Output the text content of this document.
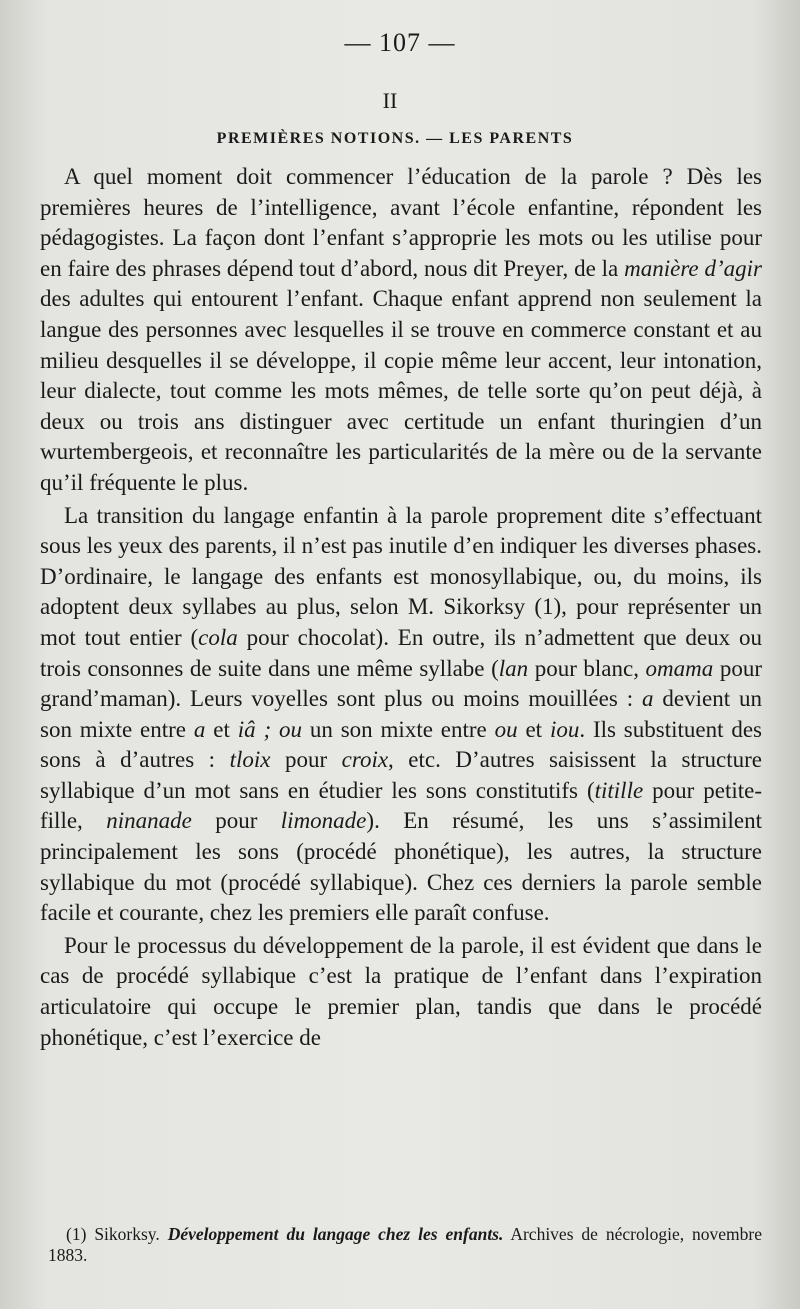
— 107 —
II
PREMIÈRES NOTIONS. — LES PARENTS

A quel moment doit commencer l’éducation de la parole ? Dès les premières heures de l’intelligence, avant l’école enfantine, répondent les pédagogistes. La façon dont l’enfant s’approprie les mots ou les utilise pour en faire des phrases dépend tout d’abord, nous dit Preyer, de la manière d’agir des adultes qui entourent l’enfant. Chaque enfant apprend non seulement la langue des personnes avec lesquelles il se trouve en commerce constant et au milieu desquelles il se développe, il copie même leur accent, leur intonation, leur dialecte, tout comme les mots mêmes, de telle sorte qu’on peut déjà, à deux ou trois ans distinguer avec certitude un enfant thuringien d’un wurtembergeois, et reconnaître les particularités de la mère ou de la servante qu’il fréquente le plus.

La transition du langage enfantin à la parole proprement dite s’effectuant sous les yeux des parents, il n’est pas inutile d’en indiquer les diverses phases. D’ordinaire, le langage des enfants est monosyllabique, ou, du moins, ils adoptent deux syllabes au plus, selon M. Sikorksy (1), pour représenter un mot tout entier (cola pour chocolat). En outre, ils n’admettent que deux ou trois consonnes de suite dans une même syllabe (lan pour blanc, omama pour grand’maman). Leurs voyelles sont plus ou moins mouillées : a devient un son mixte entre a et iâ ; ou un son mixte entre ou et iou. Ils substituent des sons à d’autres : tloix pour croix, etc. D’autres saisissent la structure syllabique d’un mot sans en étudier les sons constitutifs (titille pour petite-fille, ninanade pour limonade). En résumé, les uns s’assimilent principalement les sons (procédé phonétique), les autres, la structure syllabique du mot (procédé syllabique). Chez ces derniers la parole semble facile et courante, chez les premiers elle paraît confuse.

Pour le processus du développement de la parole, il est évident que dans le cas de procédé syllabique c’est la pratique de l’enfant dans l’expiration articulatoire qui occupe le premier plan, tandis que dans le procédé phonétique, c’est l’exercice de

(1) Sikorksy. Développement du langage chez les enfants. Archives de nécrologie, novembre 1883.
